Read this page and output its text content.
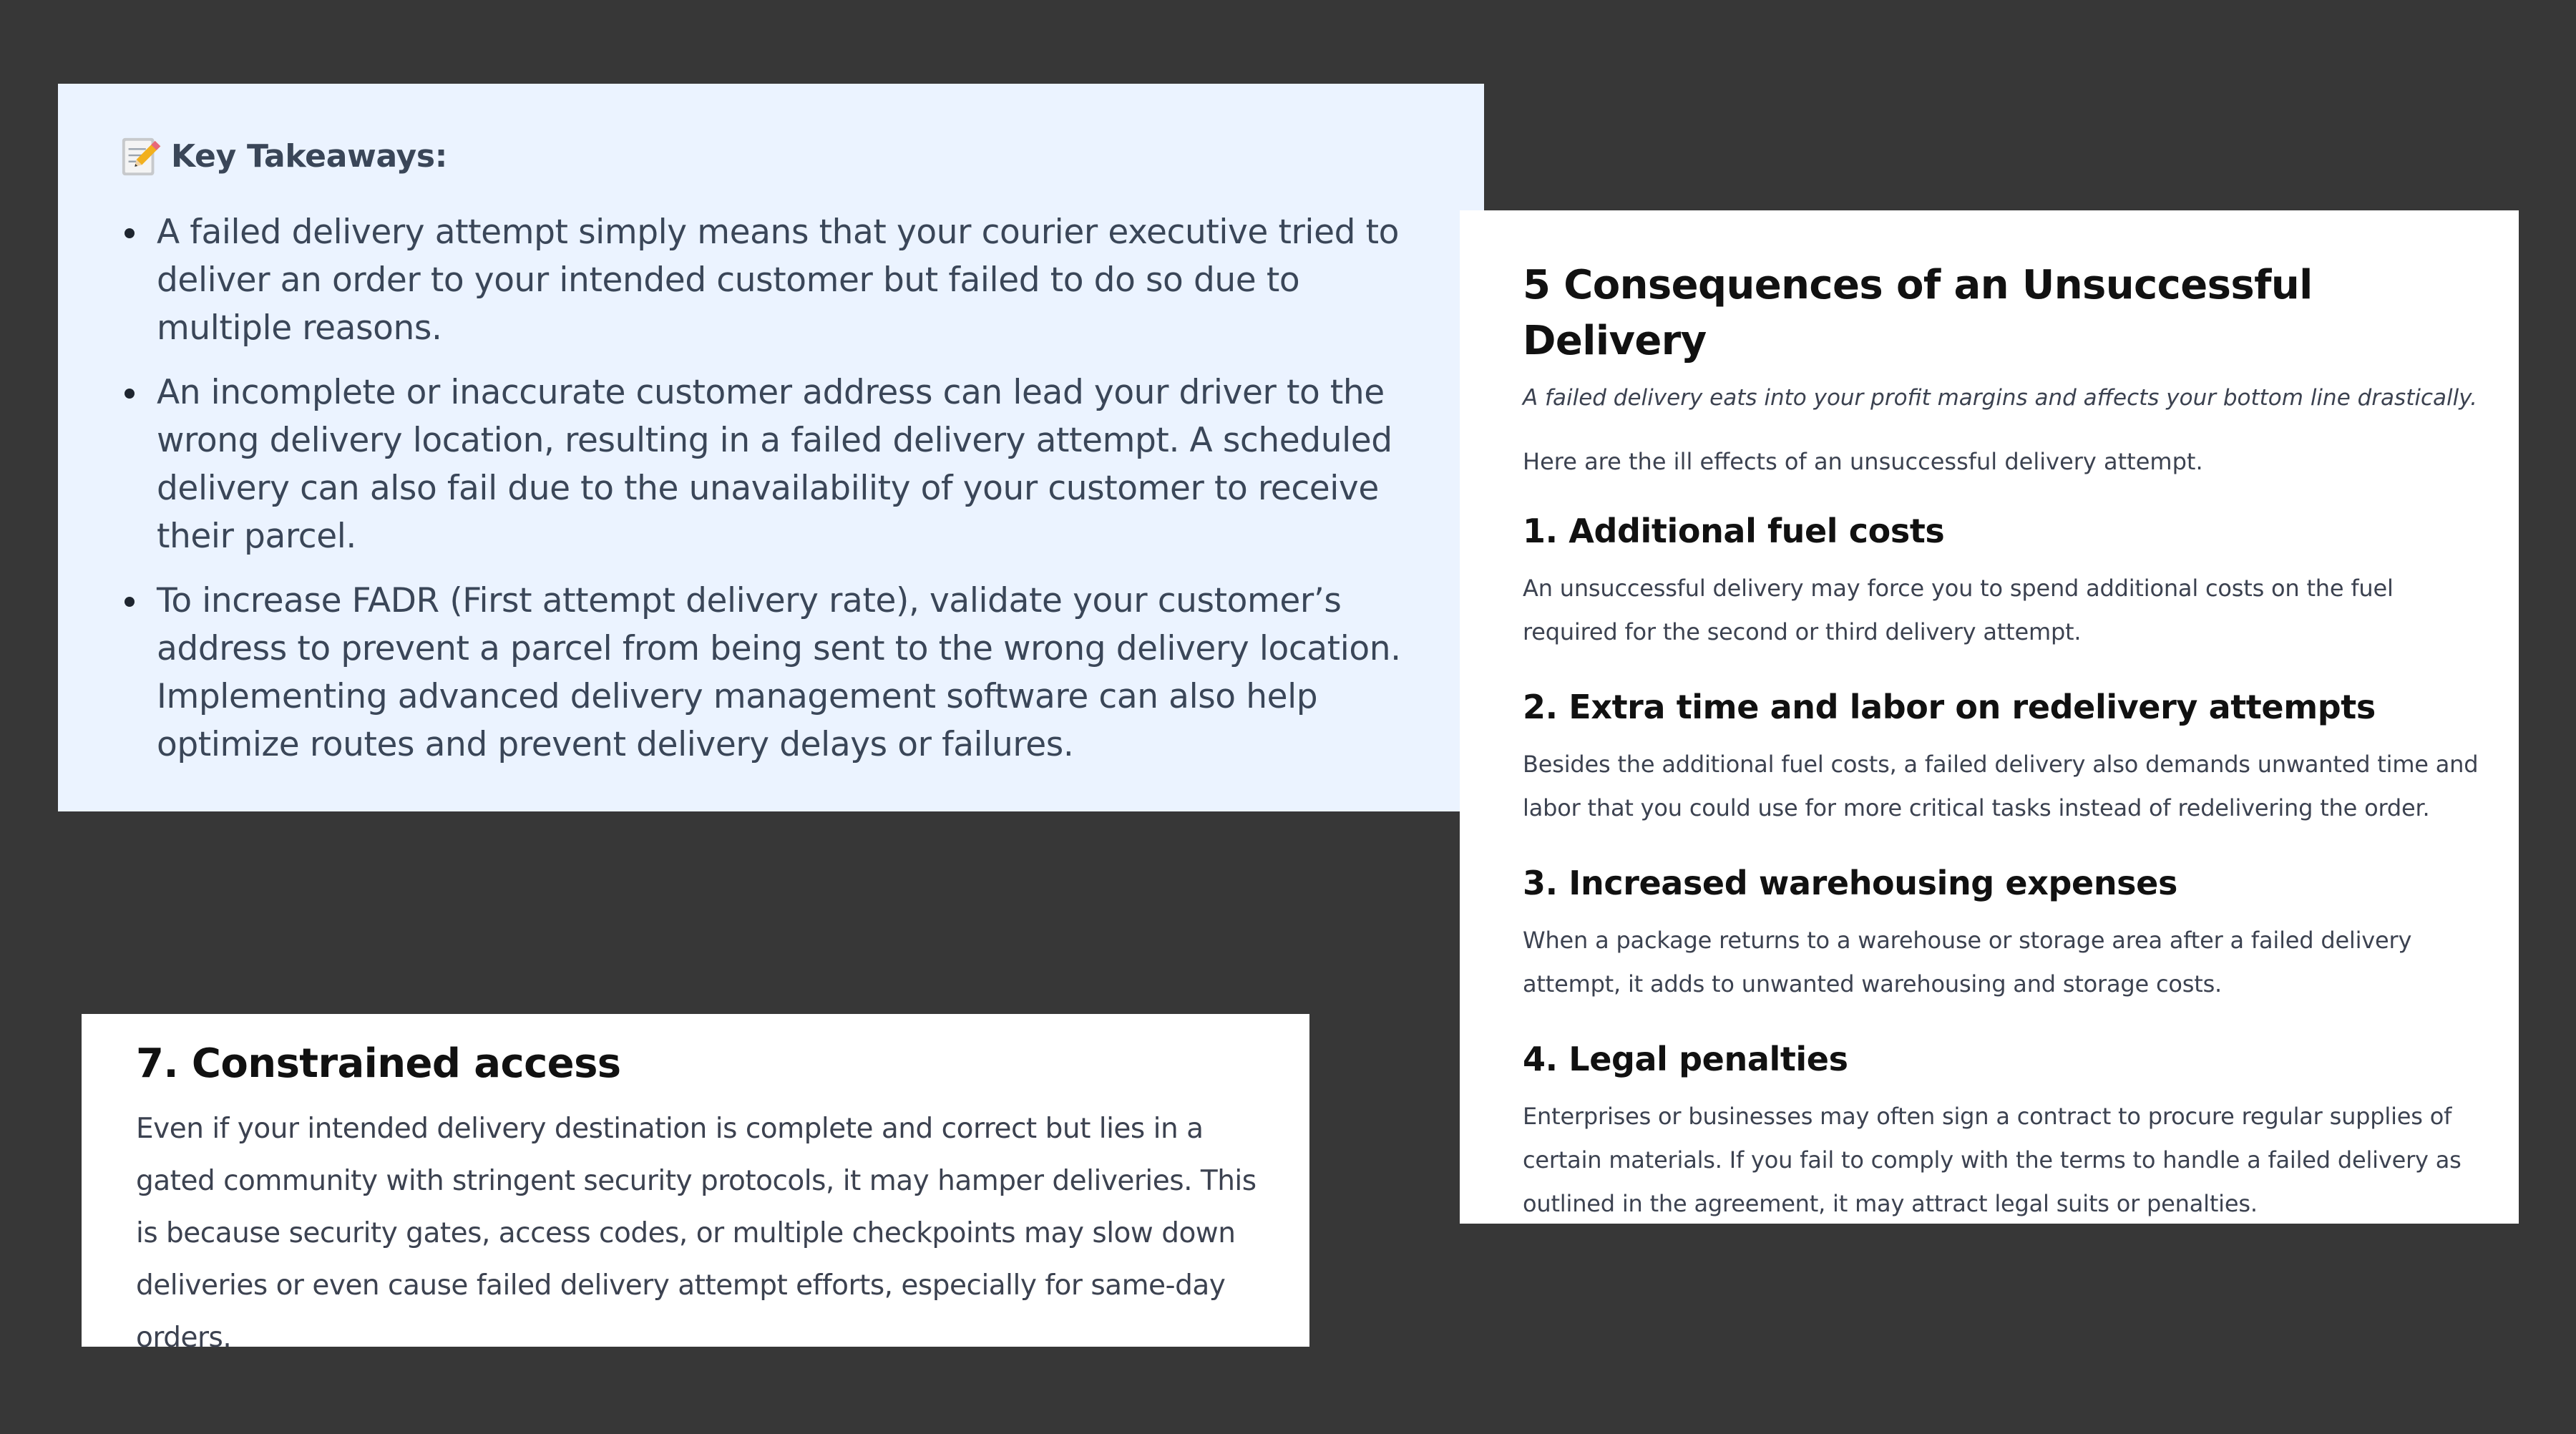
Key Takeaways:
A failed delivery attempt simply means that your courier executive tried to deliver an order to your intended customer but failed to do so due to multiple reasons.
An incomplete or inaccurate customer address can lead your driver to the wrong delivery location, resulting in a failed delivery attempt. A scheduled delivery can also fail due to the unavailability of your customer to receive their parcel.
To increase FADR (First attempt delivery rate), validate your customer’s address to prevent a parcel from being sent to the wrong delivery location. Implementing advanced delivery management software can also help optimize routes and prevent delivery delays or failures.
5 Consequences of an Unsuccessful Delivery

A failed delivery eats into your profit margins and affects your bottom line drastically.

Here are the ill effects of an unsuccessful delivery attempt.

1. Additional fuel costs

An unsuccessful delivery may force you to spend additional costs on the fuel required for the second or third delivery attempt.

2. Extra time and labor on redelivery attempts

Besides the additional fuel costs, a failed delivery also demands unwanted time and labor that you could use for more critical tasks instead of redelivering the order.

3. Increased warehousing expenses

When a package returns to a warehouse or storage area after a failed delivery attempt, it adds to unwanted warehousing and storage costs.

4. Legal penalties

Enterprises or businesses may often sign a contract to procure regular supplies of certain materials. If you fail to comply with the terms to handle a failed delivery as outlined in the agreement, it may attract legal suits or penalties.

7. Constrained access

Even if your intended delivery destination is complete and correct but lies in a gated community with stringent security protocols, it may hamper deliveries. This is because security gates, access codes, or multiple checkpoints may slow down deliveries or even cause failed delivery attempt efforts, especially for same-day orders.
